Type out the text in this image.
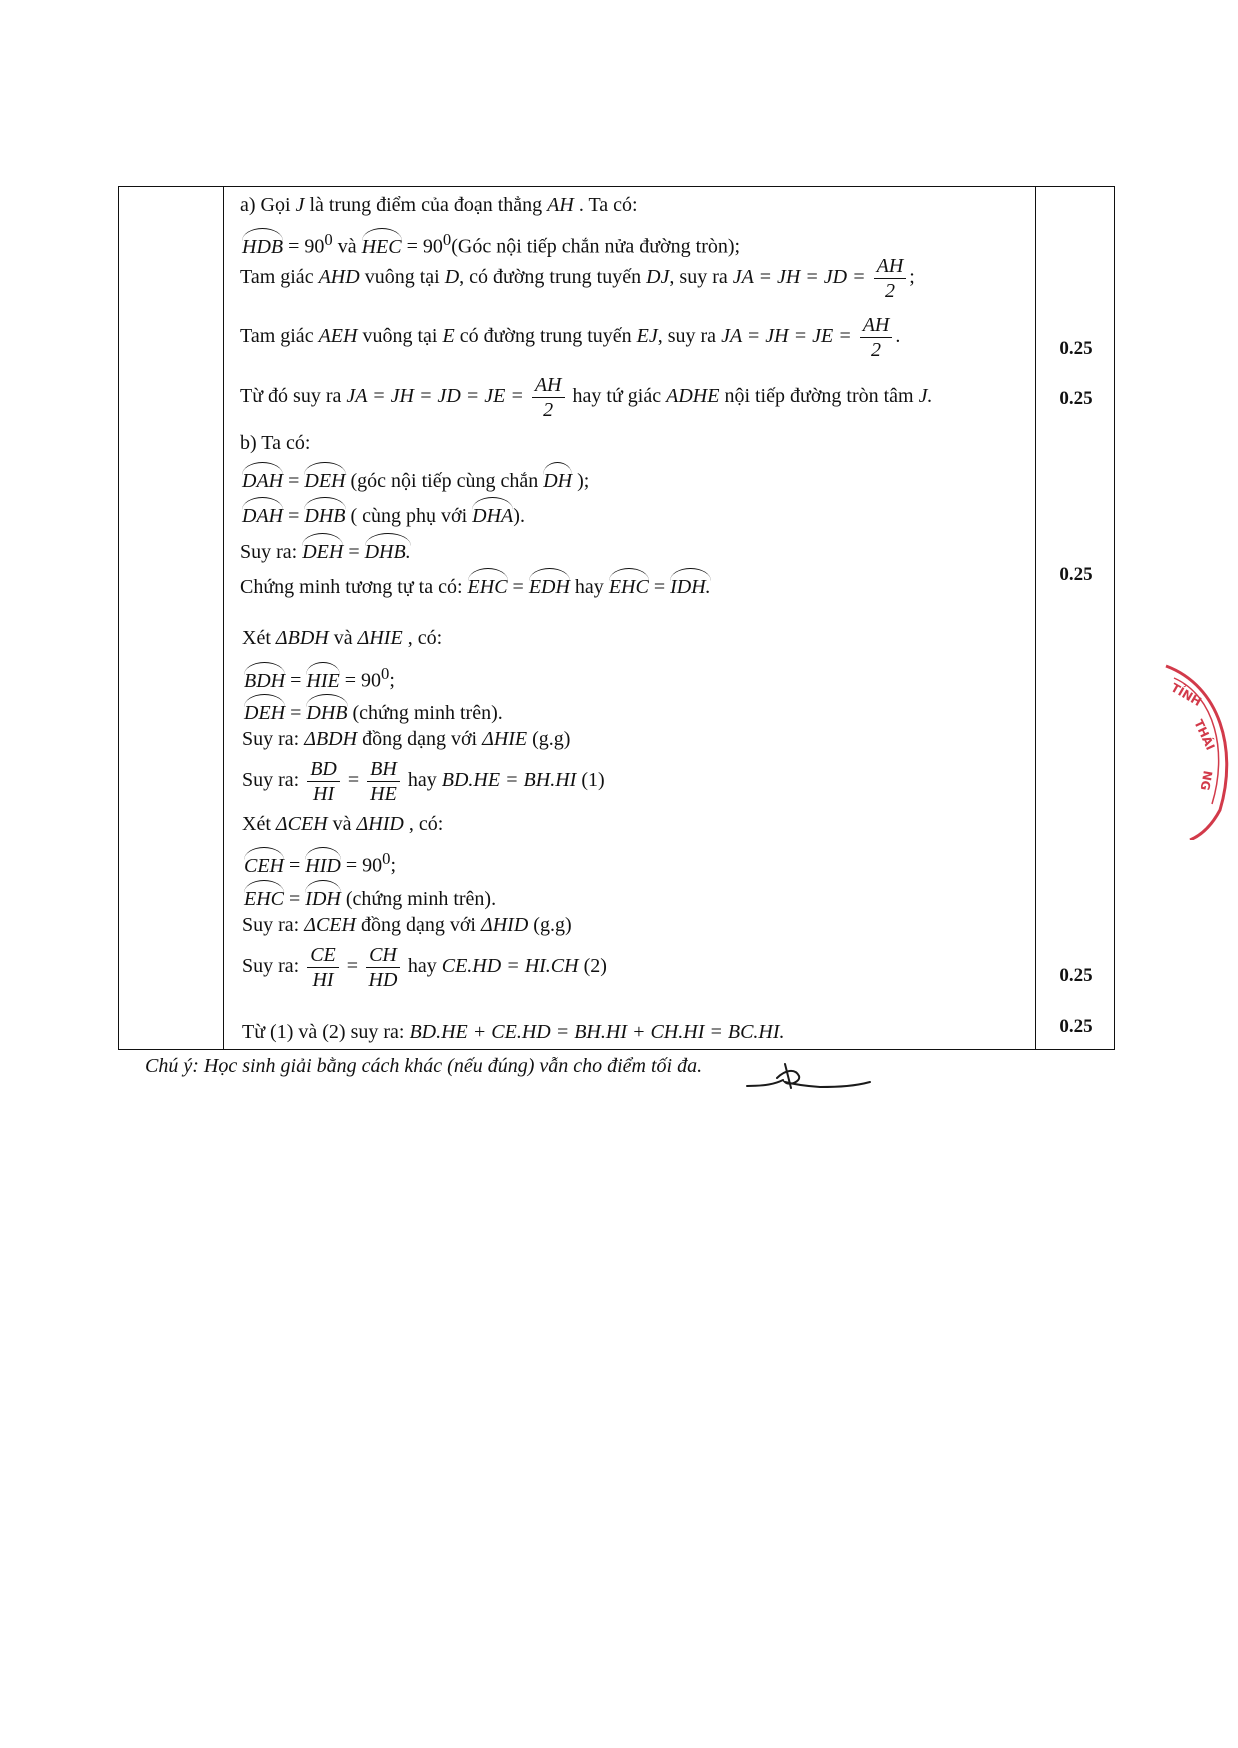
a) Gọi J là trung điểm của đoạn thẳng AH . Ta có:
HDB = $90^0$ và HEC = $90^0(Góc$ nội tiếp chắn nửa đường tròn);
Tam giác AHD vuông tại D, có đường trung tuyến DJ, suy ra JA = JH = JD = $\frac{AH}{2}$ ;
Tam giác AEH vuông tại E có đường trung tuyến EJ, suy ra JA = JH = JE = $\frac{AH}{2}$ .
Từ đó suy ra JA = JH = JD = JE = $\frac{AH}{2}$ hay tứ giác ADHE nội tiếp đường tròn tâm J.
b) Ta có:
DAH = DEH (góc nội tiếp cùng chắn DH );
DAH = DHB ( cùng phụ với DHA).
Suy ra: DEH = DHB.
Chứng minh tương tự ta có: EHC = EDH hay EHC = IDH.
Xét ΔBDH và ΔHIE , có:
BDH = HIE = $90^0$;
DEH = DHB (chứng minh trên).
Suy ra: ΔBDH đồng dạng với ΔHIE (g.g)
Suy ra: $\frac{BD}{HI} = \frac{BH}{HE}$ hay BD.HE = BH.HI (1)
Xét ΔCEH và ΔHID , có:
CEH = HID = $90^0$;
EHC = IDH (chứng minh trên).
Suy ra: ΔCEH đồng dạng với ΔHID (g.g)
Suy ra: $\frac{CE}{HI} = \frac{CH}{HD}$ hay CE.HD = HI.CH (2)
Từ (1) và (2) suy ra: BD.HE + CE.HD = BH.HI + CH.HI = BC.HI.
0.25
0.25
0.25
0.25
0.25
Chú ý: Học sinh giải bằng cách khác (nếu đúng) vẫn cho điểm tối đa.
TỈNH
THÁI
NG
